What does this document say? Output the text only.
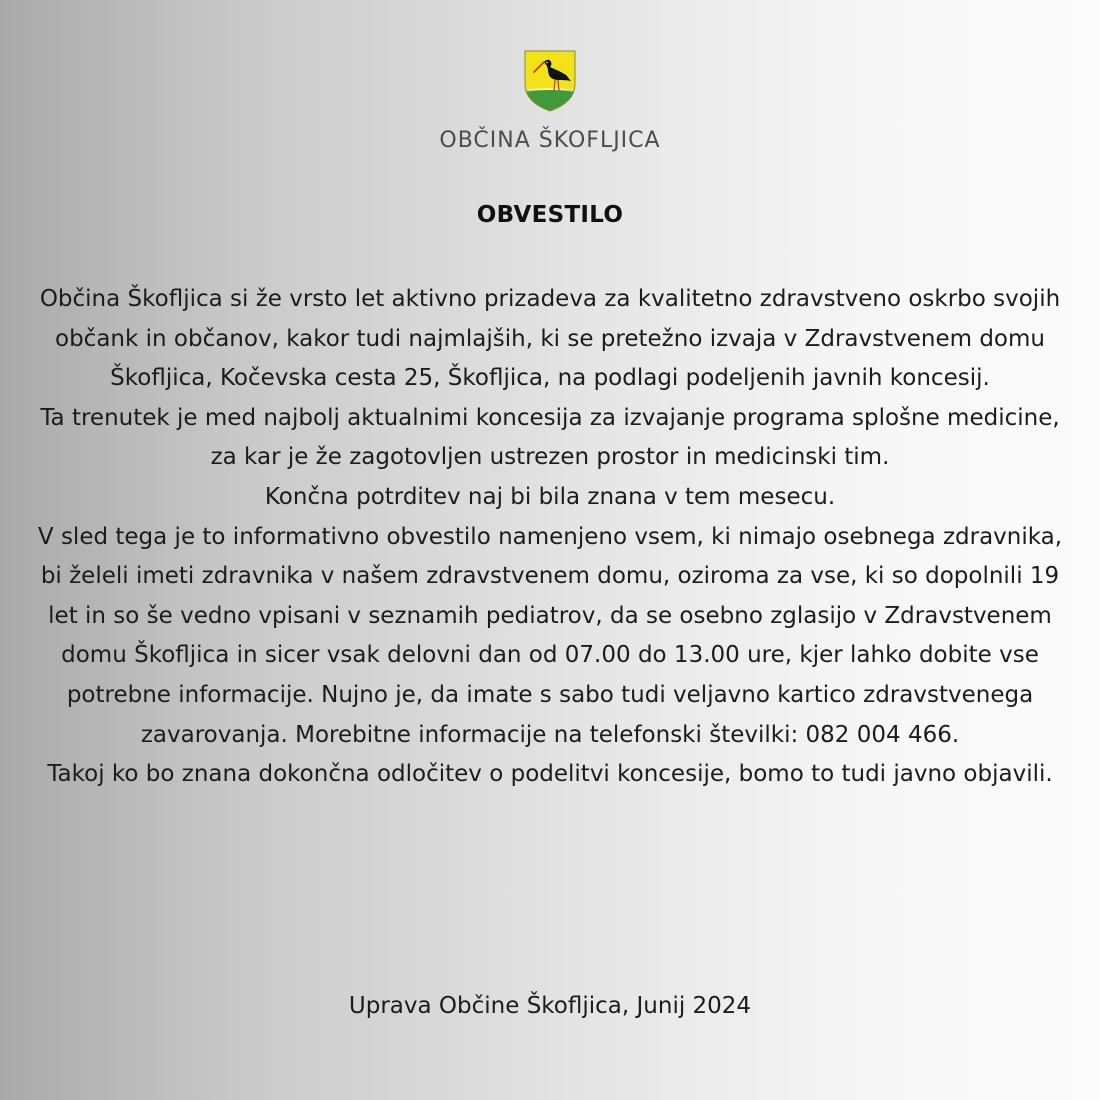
OBČINA ŠKOFLJICA
OBVESTILO

Občina Škofljica si že vrsto let aktivno prizadeva za kvalitetno zdravstveno oskrbo svojih občank in občanov, kakor tudi najmlajših, ki se pretežno izvaja v Zdravstvenem domu Škofljica, Kočevska cesta 25, Škofljica, na podlagi podeljenih javnih koncesij.

Ta trenutek je med najbolj aktualnimi koncesija za izvajanje programa splošne medicine, za kar je že zagotovljen ustrezen prostor in medicinski tim.

Končna potrditev naj bi bila znana v tem mesecu.

V sled tega je to informativno obvestilo namenjeno vsem, ki nimajo osebnega zdravnika, bi želeli imeti zdravnika v našem zdravstvenem domu, oziroma za vse, ki so dopolnili 19 let in so še vedno vpisani v seznamih pediatrov, da se osebno zglasijo v Zdravstvenem domu Škofljica in sicer vsak delovni dan od 07.00 do 13.00 ure, kjer lahko dobite vse potrebne informacije. Nujno je, da imate s sabo tudi veljavno kartico zdravstvenega zavarovanja. Morebitne informacije na telefonski številki: 082 004 466.

Takoj ko bo znana dokončna odločitev o podelitvi koncesije, bomo to tudi javno objavili.

Uprava Občine Škofljica, Junij 2024
